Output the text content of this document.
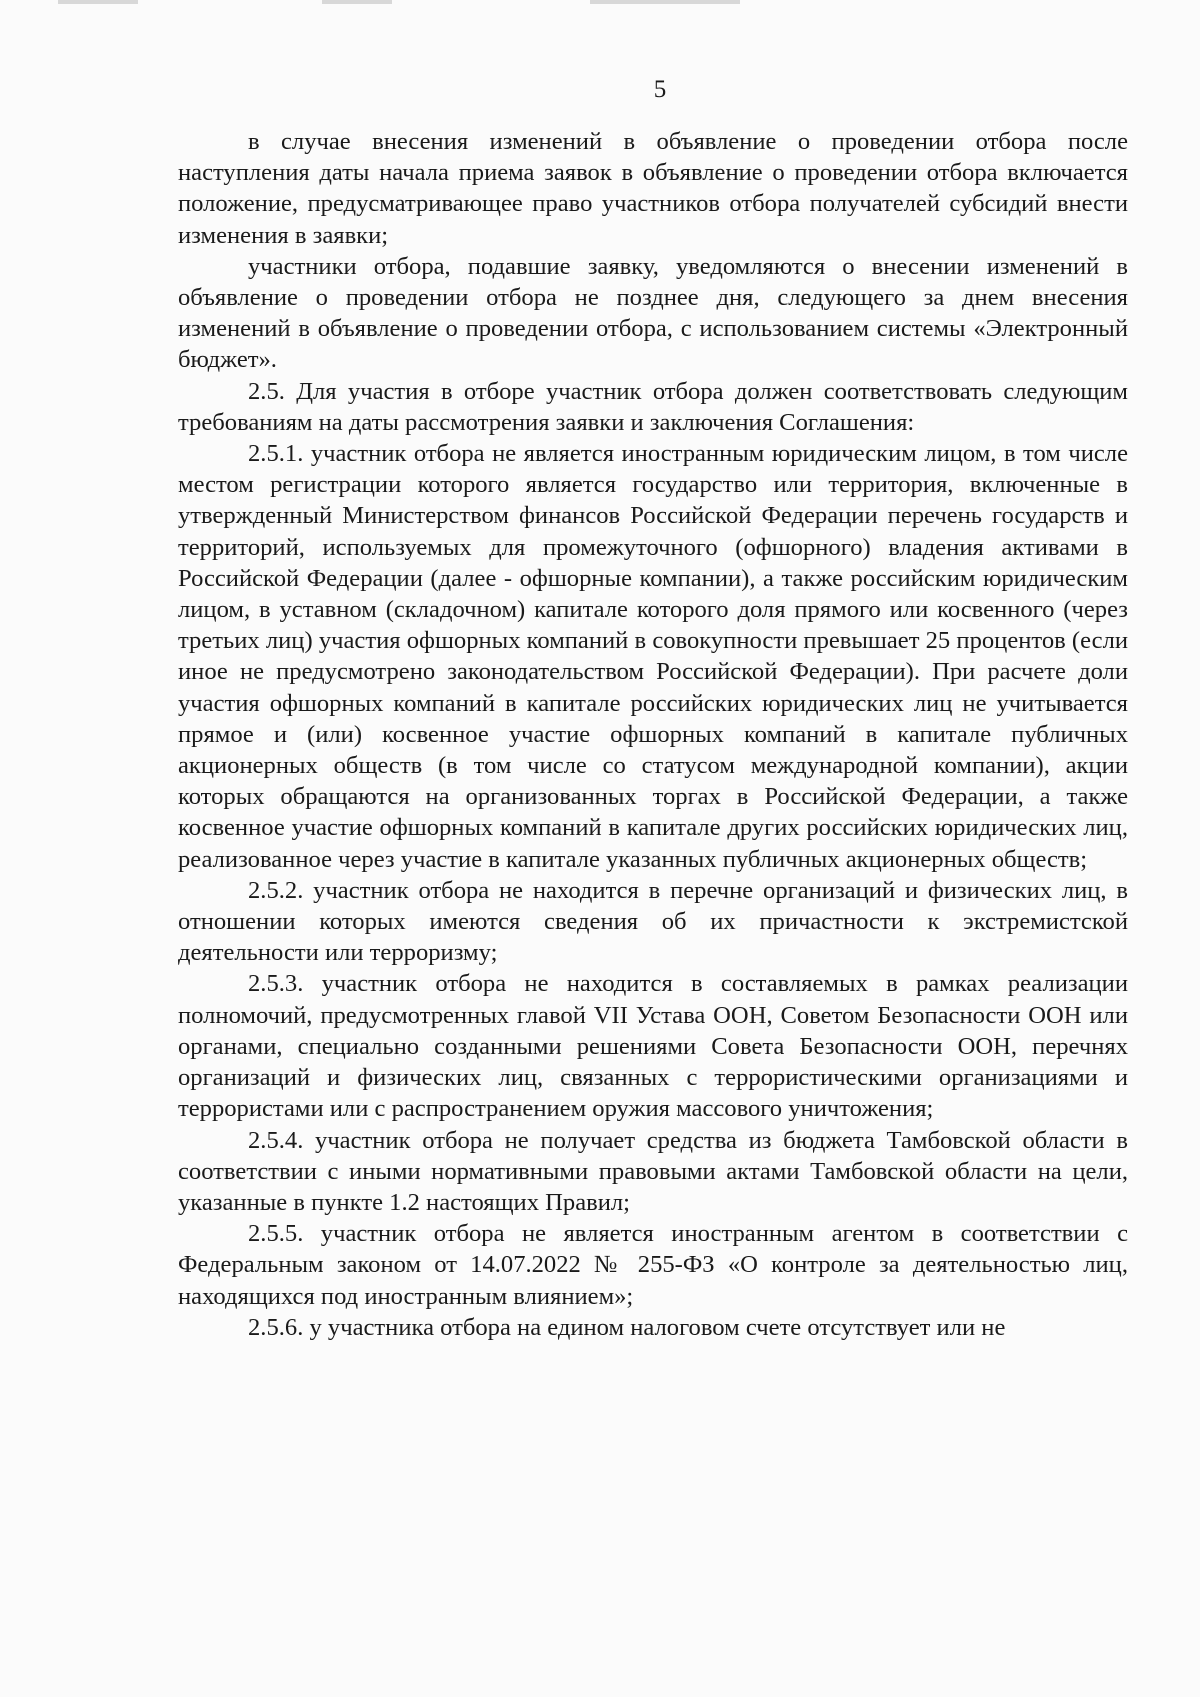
5

в случае внесения изменений в объявление о проведении отбора после наступления даты начала приема заявок в объявление о проведении отбора включается положение, предусматривающее право участников отбора получателей субсидий внести изменения в заявки;

участники отбора, подавшие заявку, уведомляются о внесении изменений в объявление о проведении отбора не позднее дня, следующего за днем внесения изменений в объявление о проведении отбора, с использованием системы «Электронный бюджет».

2.5. Для участия в отборе участник отбора должен соответствовать следующим требованиям на даты рассмотрения заявки и заключения Соглашения:

2.5.1. участник отбора не является иностранным юридическим лицом, в том числе местом регистрации которого является государство или территория, включенные в утвержденный Министерством финансов Российской Федерации перечень государств и территорий, используемых для промежуточного (офшорного) владения активами в Российской Федерации (далее - офшорные компании), а также российским юридическим лицом, в уставном (складочном) капитале которого доля прямого или косвенного (через третьих лиц) участия офшорных компаний в совокупности превышает 25 процентов (если иное не предусмотрено законодательством Российской Федерации). При расчете доли участия офшорных компаний в капитале российских юридических лиц не учитывается прямое и (или) косвенное участие офшорных компаний в капитале публичных акционерных обществ (в том числе со статусом международной компании), акции которых обращаются на организованных торгах в Российской Федерации, а также косвенное участие офшорных компаний в капитале других российских юридических лиц, реализованное через участие в капитале указанных публичных акционерных обществ;

2.5.2. участник отбора не находится в перечне организаций и физических лиц, в отношении которых имеются сведения об их причастности к экстремистской деятельности или терроризму;

2.5.3. участник отбора не находится в составляемых в рамках реализации полномочий, предусмотренных главой VII Устава ООН, Советом Безопасности ООН или органами, специально созданными решениями Совета Безопасности ООН, перечнях организаций и физических лиц, связанных с террористическими организациями и террористами или с распространением оружия массового уничтожения;

2.5.4. участник отбора не получает средства из бюджета Тамбовской области в соответствии с иными нормативными правовыми актами Тамбовской области на цели, указанные в пункте 1.2 настоящих Правил;

2.5.5. участник отбора не является иностранным агентом в соответствии с Федеральным законом от 14.07.2022 № 255-ФЗ «О контроле за деятельностью лиц, находящихся под иностранным влиянием»;

2.5.6. у участника отбора на едином налоговом счете отсутствует или не
